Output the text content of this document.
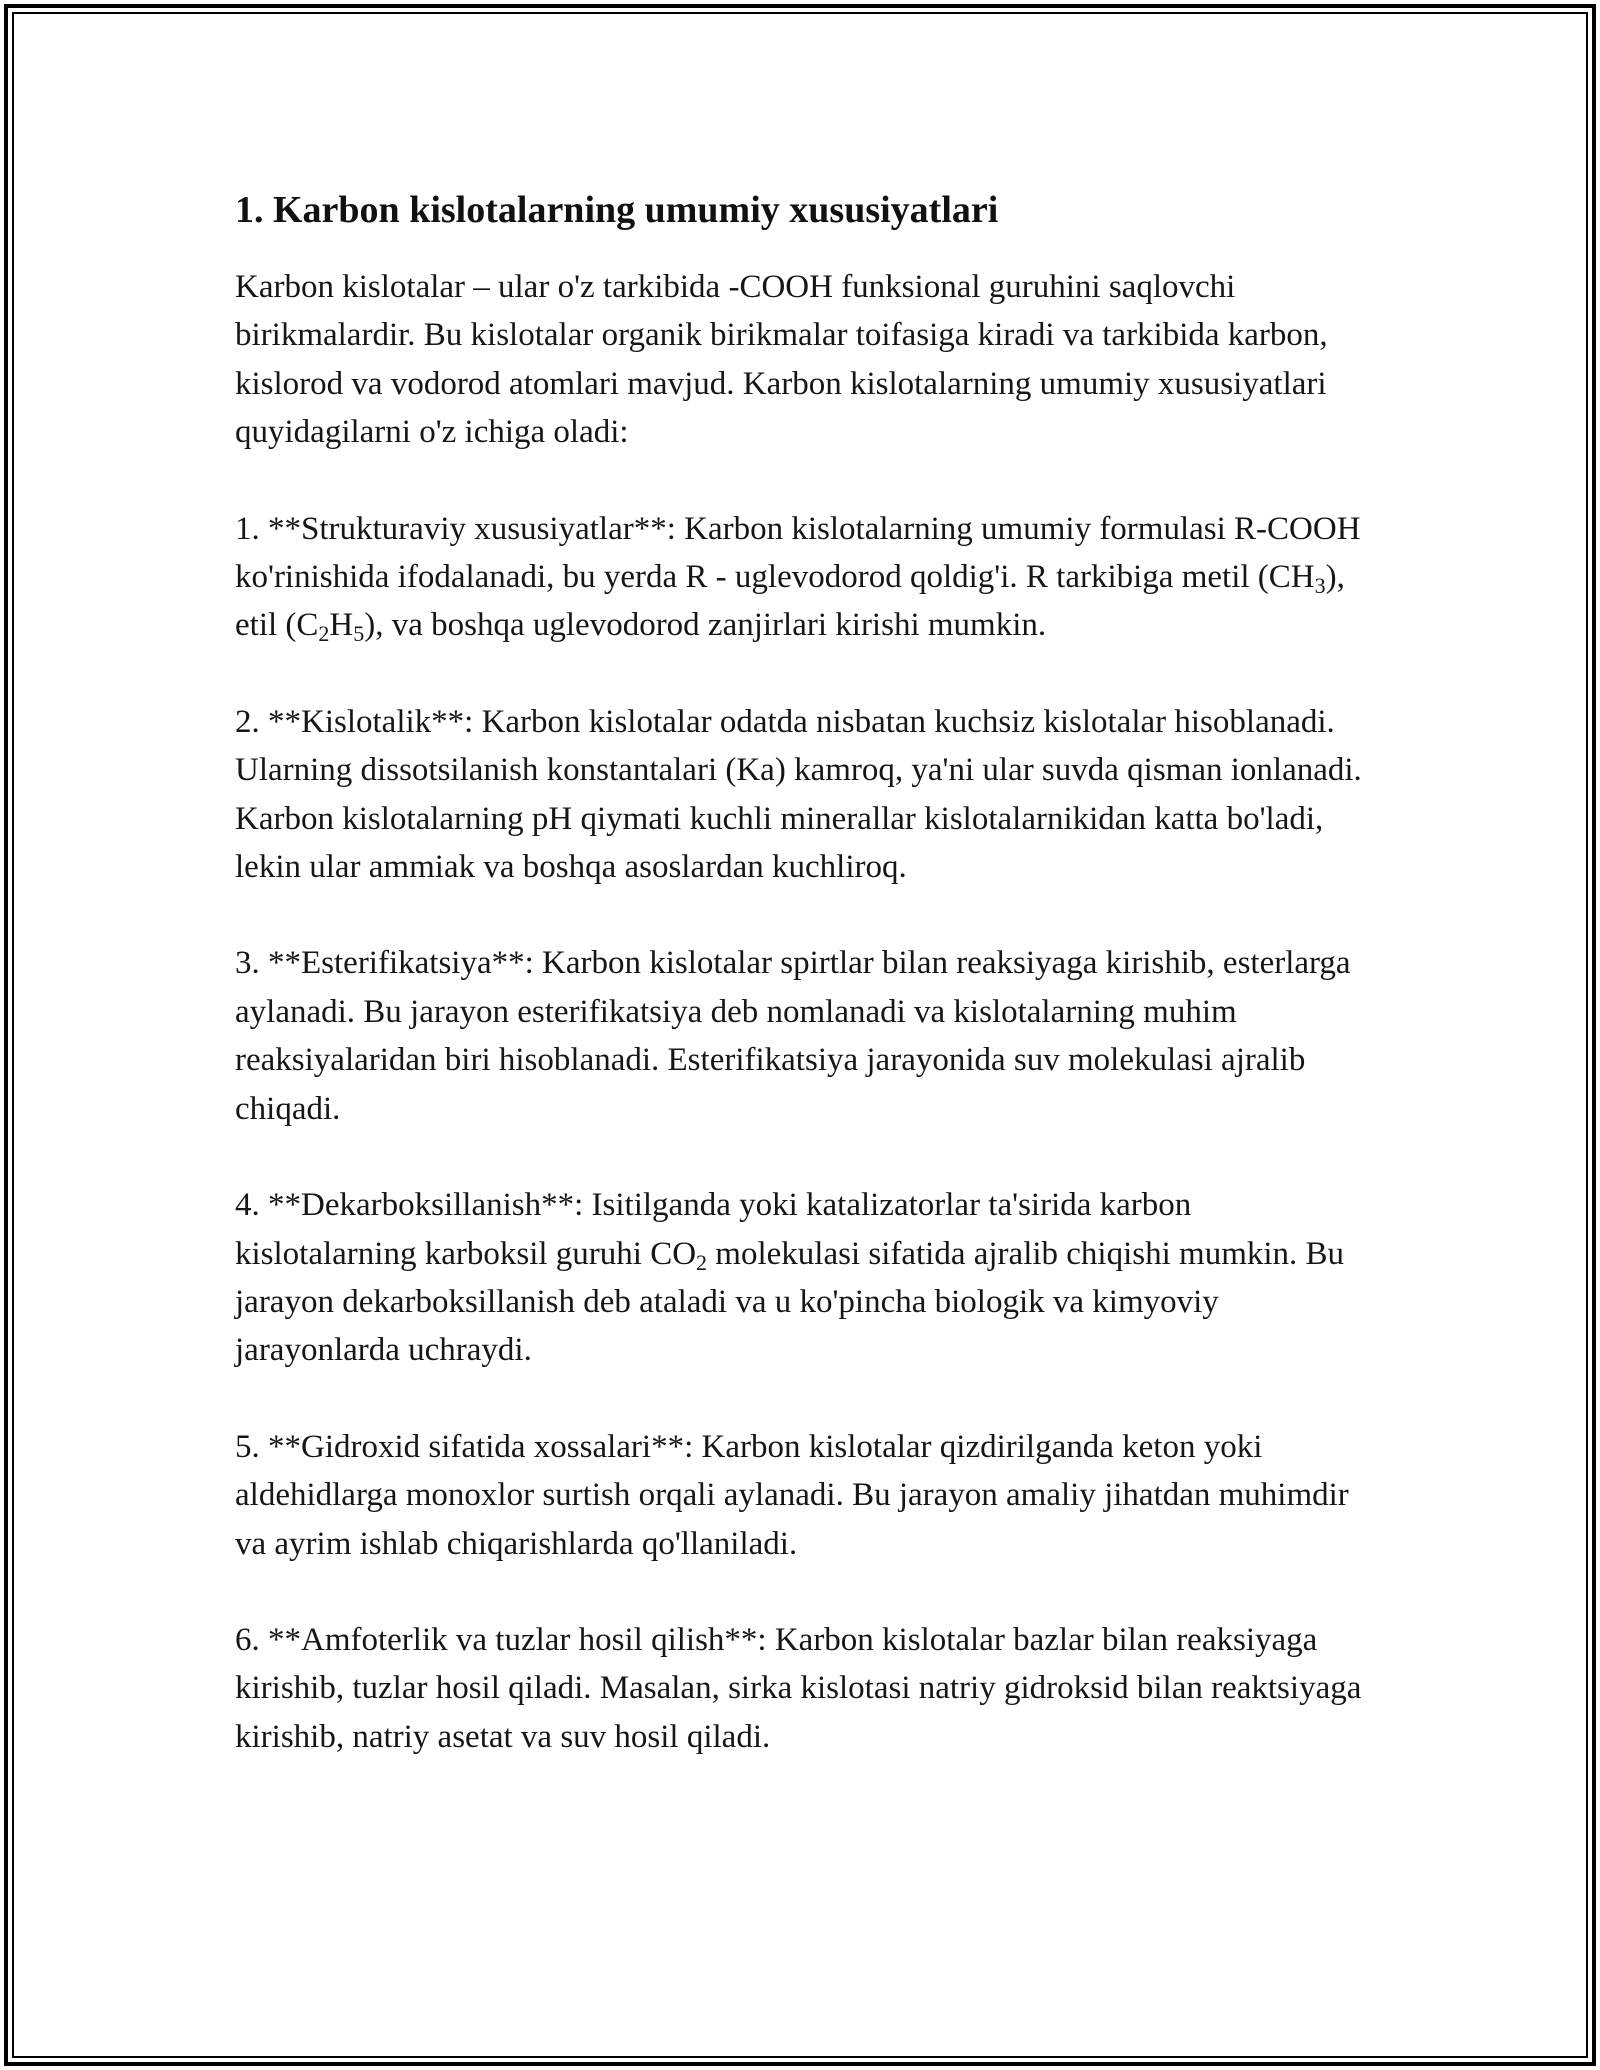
1. Karbon kislotalarning umumiy xususiyatlari

Karbon kislotalar – ular o'z tarkibida -COOH funksional guruhini saqlovchi birikmalardir. Bu kislotalar organik birikmalar toifasiga kiradi va tarkibida karbon, kislorod va vodorod atomlari mavjud. Karbon kislotalarning umumiy xususiyatlari quyidagilarni o'z ichiga oladi:

1. **Strukturaviy xususiyatlar**: Karbon kislotalarning umumiy formulasi R-COOH ko'rinishida ifodalanadi, bu yerda R - uglevodorod qoldig'i. R tarkibiga metil $(CH_3)$, etil $(C_2H_5)$, va boshqa uglevodorod zanjirlari kirishi mumkin.

2. **Kislotalik**: Karbon kislotalar odatda nisbatan kuchsiz kislotalar hisoblanadi. Ularning dissotsilanish konstantalari (Ka) kamroq, ya'ni ular suvda qisman ionlanadi. Karbon kislotalarning pH qiymati kuchli minerallar kislotalarnikidan katta bo'ladi, lekin ular ammiak va boshqa asoslardan kuchliroq.

3. **Esterifikatsiya**: Karbon kislotalar spirtlar bilan reaksiyaga kirishib, esterlarga aylanadi. Bu jarayon esterifikatsiya deb nomlanadi va kislotalarning muhim reaksiyalaridan biri hisoblanadi. Esterifikatsiya jarayonida suv molekulasi ajralib chiqadi.

4. **Dekarboksillanish**: Isitilganda yoki katalizatorlar ta'sirida karbon kislotalarning karboksil guruhi $CO_2$ molekulasi sifatida ajralib chiqishi mumkin. Bu jarayon dekarboksillanish deb ataladi va u ko'pincha biologik va kimyoviy jarayonlarda uchraydi.

5. **Gidroxid sifatida xossalari**: Karbon kislotalar qizdirilganda keton yoki aldehidlarga monoxlor surtish orqali aylanadi. Bu jarayon amaliy jihatdan muhimdir va ayrim ishlab chiqarishlarda qo'llaniladi.

6. **Amfoterlik va tuzlar hosil qilish**: Karbon kislotalar bazlar bilan reaksiyaga kirishib, tuzlar hosil qiladi. Masalan, sirka kislotasi natriy gidroksid bilan reaktsiyaga kirishib, natriy asetat va suv hosil qiladi.
